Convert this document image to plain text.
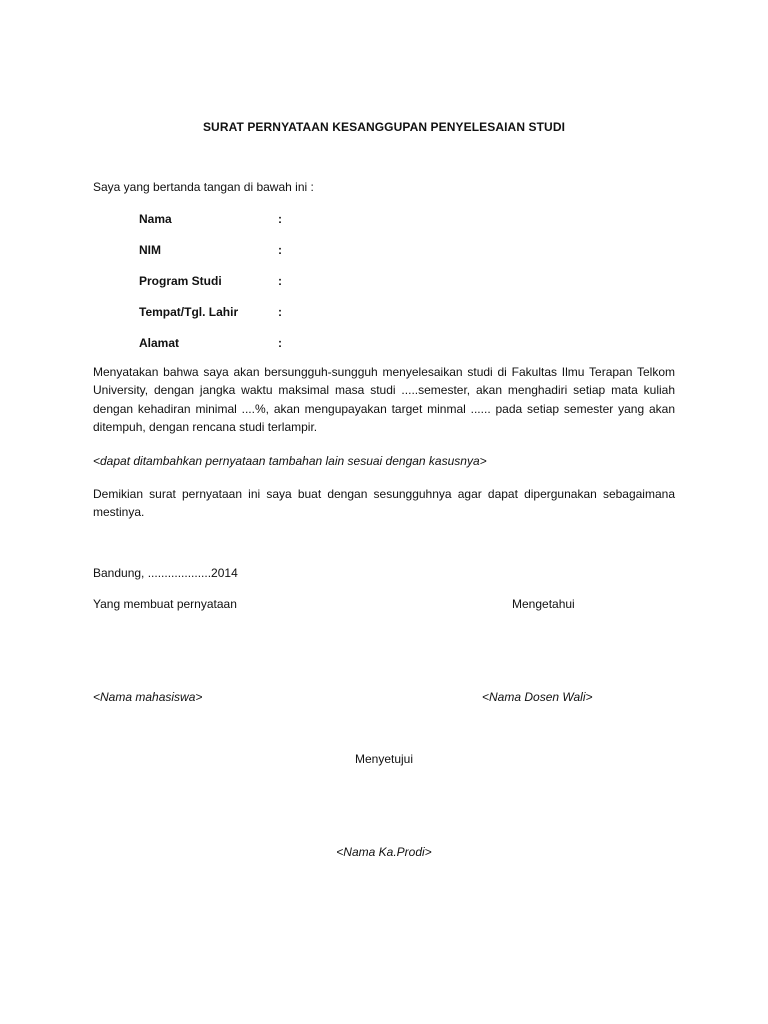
SURAT PERNYATAAN KESANGGUPAN PENYELESAIAN STUDI
Saya yang bertanda tangan di bawah ini :
Nama	:
NIM	:
Program Studi	:
Tempat/Tgl. Lahir	:
Alamat	:

Menyatakan bahwa saya akan bersungguh-sungguh menyelesaikan studi di Fakultas Ilmu Terapan Telkom University, dengan jangka waktu maksimal masa studi .....semester, akan menghadiri setiap mata kuliah dengan kehadiran minimal ....%, akan mengupayakan target minmal ...... pada setiap semester yang akan ditempuh, dengan rencana studi terlampir.

<dapat ditambahkan pernyataan tambahan lain sesuai dengan kasusnya>

Demikian surat pernyataan ini saya buat dengan sesungguhnya agar dapat dipergunakan sebagaimana mestinya.

Bandung, ...................2014
Yang membuat pernyataan	Mengetahui
<Nama mahasiswa>	<Nama Dosen Wali>
Menyetujui
<Nama Ka.Prodi>
